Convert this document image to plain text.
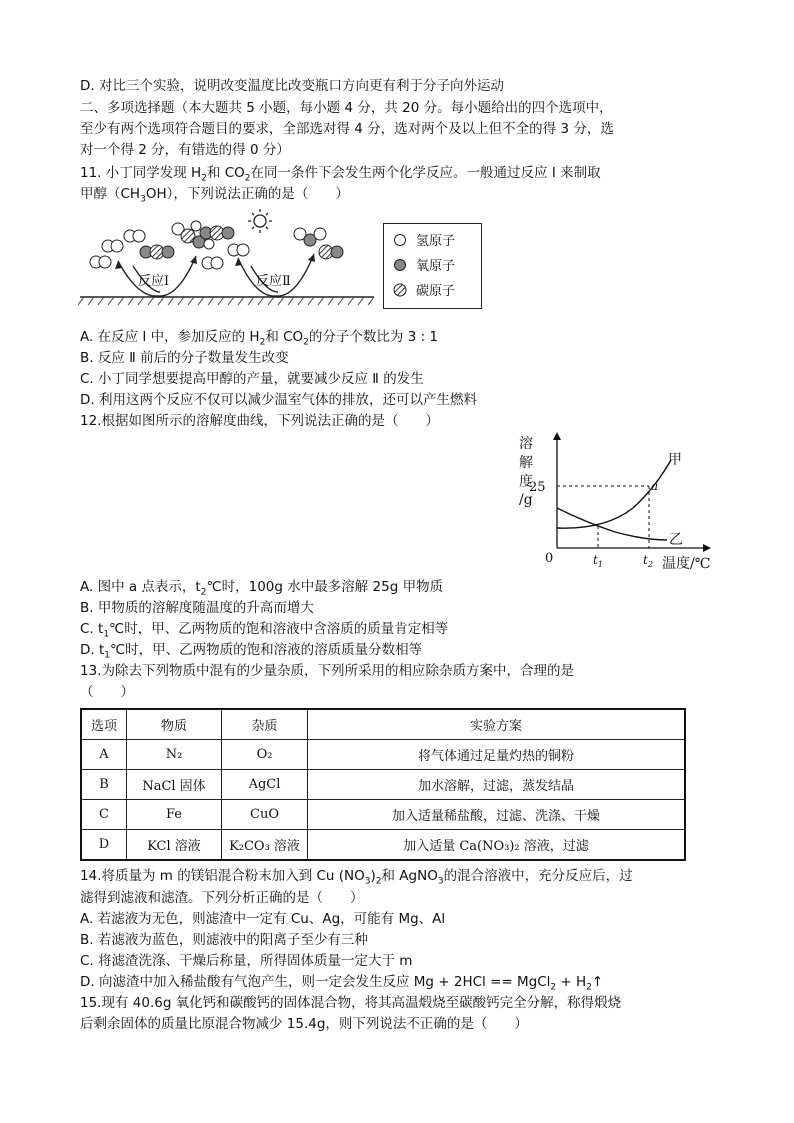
D. 对比三个实验，说明改变温度比改变瓶口方向更有利于分子向外运动
二、多项选择题（本大题共 5 小题，每小题 4 分，共 20 分。每小题给出的四个选项中，
至少有两个选项符合题目的要求，全部选对得 4 分，选对两个及以上但不全的得 3 分，选
对一个得 2 分，有错选的得 0 分）
11. 小丁同学发现 $H_2$和 $CO_2$在同一条件下会发生两个化学反应。一般通过反应 Ⅰ 来制取
甲醇$(CH_3OH)$，下列说法正确的是（　　）
反应Ⅰ	反应Ⅱ
氢原子
氧原子
碳原子
A. 在反应 Ⅰ 中，参加反应的 $H_2$和 $CO_2$的分子个数比为 3 : 1
B. 反应 Ⅱ 前后的分子数量发生改变
C. 小丁同学想要提高甲醇的产量，就要减少反应 Ⅱ 的发生
D. 利用这两个反应不仅可以减少温室气体的排放，还可以产生燃料
12.根据如图所示的溶解度曲线，下列说法正确的是（　　）
溶
解
度
/g
25
0	$t_1$	$t_2$ 温度/℃
甲
乙
a
A. 图中 a 点表示，$t_2℃$时，100g 水中最多溶解 25g 甲物质
B. 甲物质的溶解度随温度的升高而增大
C. $t_1℃$时，甲、乙两物质的饱和溶液中含溶质的质量肯定相等
D. $t_1℃$时，甲、乙两物质的饱和溶液的溶质质量分数相等
13.为除去下列物质中混有的少量杂质，下列所采用的相应除杂质方案中，合理的是
（　　）
选项	物质	杂质	实验方案
A	N₂	O₂	将气体通过足量灼热的铜粉
B	NaCl 固体	AgCl	加水溶解，过滤，蒸发结晶
C	Fe	CuO	加入适量稀盐酸，过滤、洗涤、干燥
D	KCl 溶液	K₂CO₃ 溶液	加入适量 Ca(NO₃)₂ 溶液，过滤
14.将质量为 m 的镁铝混合粉末加入到 Cu $(NO_3)_2$和 AgNO$_3$的混合溶液中，充分反应后，过
滤得到滤液和滤渣。下列分析正确的是（　　）
A. 若滤液为无色，则滤渣中一定有 Cu、Ag，可能有 Mg、Al
B. 若滤液为蓝色，则滤液中的阳离子至少有三种
C. 将滤渣洗涤、干燥后称量，所得固体质量一定大于 m
D. 向滤渣中加入稀盐酸有气泡产生，则一定会发生反应 Mg + 2HCl == MgCl$_2$ + $H_2↑$
15.现有 40.6g 氧化钙和碳酸钙的固体混合物，将其高温煅烧至碳酸钙完全分解，称得煅烧
后剩余固体的质量比原混合物减少 15.4g，则下列说法不正确的是（　　）
